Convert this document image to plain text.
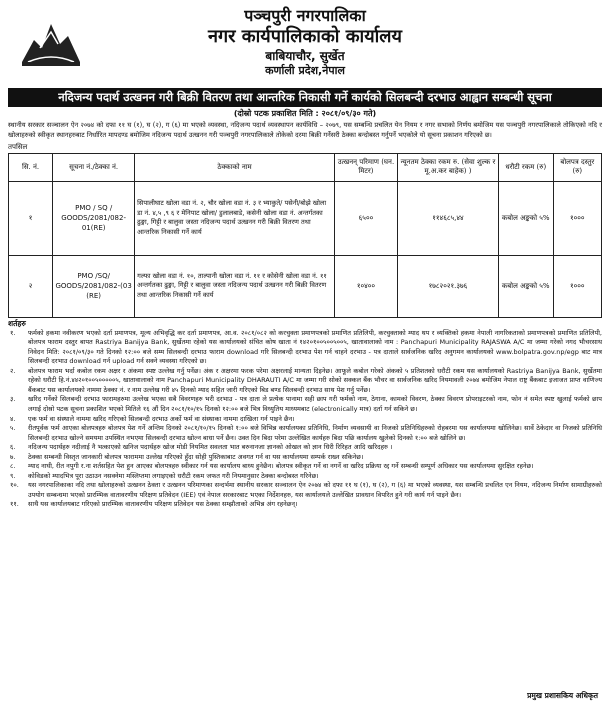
पञ्चपुरी नगरपालिका
नगर कार्यपालिकाको कार्यालय
बाबियाचौर, सुर्खेत
कर्णाली प्रदेश,नेपाल
नदिजन्य पदार्थ उत्खनन गरी बिक्री वितरण तथा आन्तरिक निकासी गर्ने कार्यको सिलबन्दी दरभाउ आह्वान सम्बन्धी सूचना
(दोस्रो पटक प्रकाशित मिति : २०८१/०९/३० गते)

स्थानीय सरकार सञ्चालन ऐन २०७४ को दफा ११ घ (१), घ (२), ग (६) मा भएको व्यवस्था, नदिजन्य पदार्थ व्यवस्थापन कार्यविधि – २०७९, यस सम्बन्धि प्रचलित येन नियम र नगर सभाको निर्णय बमोजिम यस पञ्चपुरी नगरपालिकाले तोकिएको नदि र खोलाहरुको स्वीकृत स्थानहरुबाट निर्धारित मापदण्ड बमोजिम नदिजन्य पदार्थ उत्खनन गरी पञ्चपुरी नगरपालिकाले तोकेको दरमा बिक्री गर्नेसरी ठेक्का बन्दोबस्त गर्नुपर्ने भएकोले यो सूचना प्रकाशन गरिएको छ।

तपसिल
सि. नं.	सूचना नं./ठेक्का नं.	ठेक्काको नाम	उत्खनन् परिमाण (घन. मिटर)	न्यूनतम ठेक्का रकम रु. (सेवा शुल्क र मू.अ.कर बाहेक) )	धरौटी रकम (रु)	बोलपत्र दस्तुर (रु)
१	PMO / SQ / GOODS/2081/082-01(RE)	सिपालीघाट खोला वडा नं. २, चौर खोला वडा नं. ३ र भ्याकुते/ पसेनी/बोझे खोला डा नं. ४,५ ,९ ६ र मेनिपाट खोला/ डुलालबाडे, कसेनी खोला वडा नं. अन्तर्गतका ढुङ्गा, गिट्टी र बालुवा जस्ता नदिजन्य पदार्थ उत्खनन गरी बिक्री वितरण तथा आन्तरिक निकासी गर्ने कार्य	६५००	११४६८५,४४	कबोल अङ्कको ५%	१०००
२	PMO /SQ/ GOODS/2081/082-(03 (RE)	गल्फा खोला वडा नं. १०, ताल्पानी खोला वडा नं. ११ र कोसेनी खोला वडा नं. ११ अन्तर्गतका ढुङ्गा, गिट्टी र बालुवा जस्ता नदिजन्य पदार्थ उत्खनन गरी बिक्री वितरण तथा आन्तरिक निकासी गर्ने कार्य	१०४००	१७८२०२१.३७६	कबोल अङ्कको ५%	१०००
शर्तहरु
१. फर्मको हकमा नवीकरण भएको दर्ता प्रमाणपत्र, मूल्य अभिवृद्धि कर दर्ता प्रमाणपत्र, आ.व. २०८१/०८२ को करचुक्ता प्रमाणपत्रको प्रमाणित प्रतिलिपी, करचुक्ताको म्याद थप र व्यक्तिको हकमा नेपाली नागरिकताको प्रमाणपत्रको प्रमाणित प्रतिलिपी, बोलपत्र फाराम दस्तुर बापत Rastriya Banijya Bank, सुर्खेतमा रहेको यस कार्यालयको संचित कोष खाता नं १४२०१००५००५००५, खातावालाको नाम : Panchapuri Municipality RAJASWA A/C मा जम्मा गरेको नगद भौचरसाथ निवेदन मिति: २०८१/०९/३० गते दिनको १२:०० बजे सम्म सिलबन्दी दरभाउ फाराम download गरि सिलबन्दी दरभाउ पेश गर्न चाहने दरभाउ - पत्र दाताले सार्वजनिक खरिद अनुगमन कार्यालयको www.bolpatra.gov.np/egp बाट मात्र सिलबन्दी दरभाउ download गर्न upload गर्न सक्ने व्यवस्था गरिएको छ।
२. बोलपत्र फाराम भर्दा कबोल रकम अक्षर र अंकमा स्पष्ट उल्लेख गर्नु पर्नेछ। अंक र अक्षरमा फरक परेमा अक्षरलाई मान्यता दिइनेछ। आफूले कबोल गरेको अंकको ५ प्रतिशतको धरौटी रकम यस कार्यालयको Rastriya Banijya Bank, सुर्खेतमा रहेको धरौटी हि.नं.४४२०१००५०००००५, खातावालाको नाम Panchapuri Municipality DHARAUTI A/C मा जम्मा गरी सोको सक्कल बैंक भौचर वा सार्वजनिक खरिद नियमावली २०७४ बमोजिम नेपाल राष्ट्र बैंकबाट इजाजत प्राप्त वाणिज्य बैंकबाट यस कार्यालयको नाममा ठेक्का नं. र नाम उल्लेख गरी ४५ दिनको म्याद सहित जारी गरिएको बिड बण्ड सिलबन्दी दरभाउ साथ पेश गर्नु पर्नेछ।
३. खरिद गर्नेको सिलबन्दी दरभाउ फारामहरुमा उल्लेख भएका सबै विवरणहरु भरी दरभाउ - पत्र दाता ले प्रत्येक पानामा सही छाप गरी फर्मको नाम, ठेगाना, कामको विवरण, ठेक्का विवरण प्रोपराइटरको नाम, फोन नं समेत स्पष्ट खुलाई फर्मको छाप लगाई दोस्रो पटक सूचना प्रकाशित भएको मितिले १६ औं दिन २०८१/१०/१५ दिनको १२:०० बजे भित्र विध्युतिय माध्यमबाट (electronically मात्र) दर्ता गर्न सकिने छ।
४. एक फर्म वा संस्थाले नाममा खरिद गरिएको सिलबन्दी दरभाउ अर्को फर्म वा संस्थाका नाममा दाखिला गर्न पाइने छैन।
५. रीतपूर्वक फर्म आएका बोलपत्रहरु बोलपत्र पेश गर्ने अन्तिम दिनको २०८१/१०/१५ दिनको १:०० बजे विभिन्न कार्यालयका प्रतिनिधि, निर्माण व्यवसायी वा निजको प्रतिनिधिहरुको रोहबरमा यस कार्यालयमा खोलिनेछ। सार्वे ठेकेदार वा निजको प्रतिनिधि सिलबन्दी दरभाउ खोल्ने समयमा उपस्थित नभएमा सिलबन्दी दरभाउ खोल्न बाधा पर्ने छैन। उक्त दिन बिदा परेमा उल्लेखित कार्यहरु बिदा पछि कार्यालय खुलेको दिनको १:०० बजे खोलिने छ।
६. नदिजन्य पदार्थहरु नदीलाई नै भत्काएको खनिज पदार्थहरु खोज मोडी नियमित सवलता भात बरुनानजा ज्ञानको ओखल को ज्ञान धिरी रिरिहत आदि खरिदहरु ।
७. ठेक्का सम्बन्धी विस्तृत जानकारी बोलपत्र फाराममा उल्लेख गरिएको हुँदा सोही पुस्तिकाबाट अवगत गर्न वा यस कार्यालयमा सम्पर्क राख्न सकिनेछ।
८. म्याद नाघी, रीत नपुगी र.ना शर्तसहित पेश हुन आएका बोलपत्रहरु स्वीकार गर्न यस कार्यालय बाध्य हुनेछैन। बोलपत्र स्वीकृत गर्ने वा नगर्ने वा खरिद प्रक्रिया रद्द गर्ने सम्बन्धी सम्पूर्ण अधिकार यस कार्यालयमा सुरक्षित रहनेछ।
९. कोविडको म्यादभित्र पूरा उठाउन नसक्नेमा मस्लिप्तमा लगाइएको धरौटी रकम जफत गरी नियमानुसार ठेक्का बन्दोबस्त गरिनेछ।
१०. यस नगरपालिकाका नदि तथा खोलाहरुको उत्खनन ठेक्ता र उत्खनन परिमाणका सन्दर्भमा स्थानीय सरकार सञ्चालन ऐन २०७४ को दफा ११ घ (१), घ (२), ग (६) मा भएको व्यवस्था, यस सम्बन्धि प्रचलित एन नियम, नदिजन्य निर्माण सामाग्रीहरुको उपयोग सम्बन्धमा भएको प्रारम्भिक वातावरणीय परिक्षण प्रतिवेदन (IEE) एवं नेपाल सरकारबाट भएका निर्देशनहरु, यस कार्यालयले उल्लेखित प्रावधान विपरित हुने गरी कार्य गर्न पाइने छैन।
११. साथै यस कार्यालयबाट गरिएको प्रारम्भिक वातावरणीय परिक्षण प्रतिवेदन यस ठेक्का सम्झौताको अभिन्न अंग रहनेछन्।
प्रमुख प्रशासकिय अधिकृत
